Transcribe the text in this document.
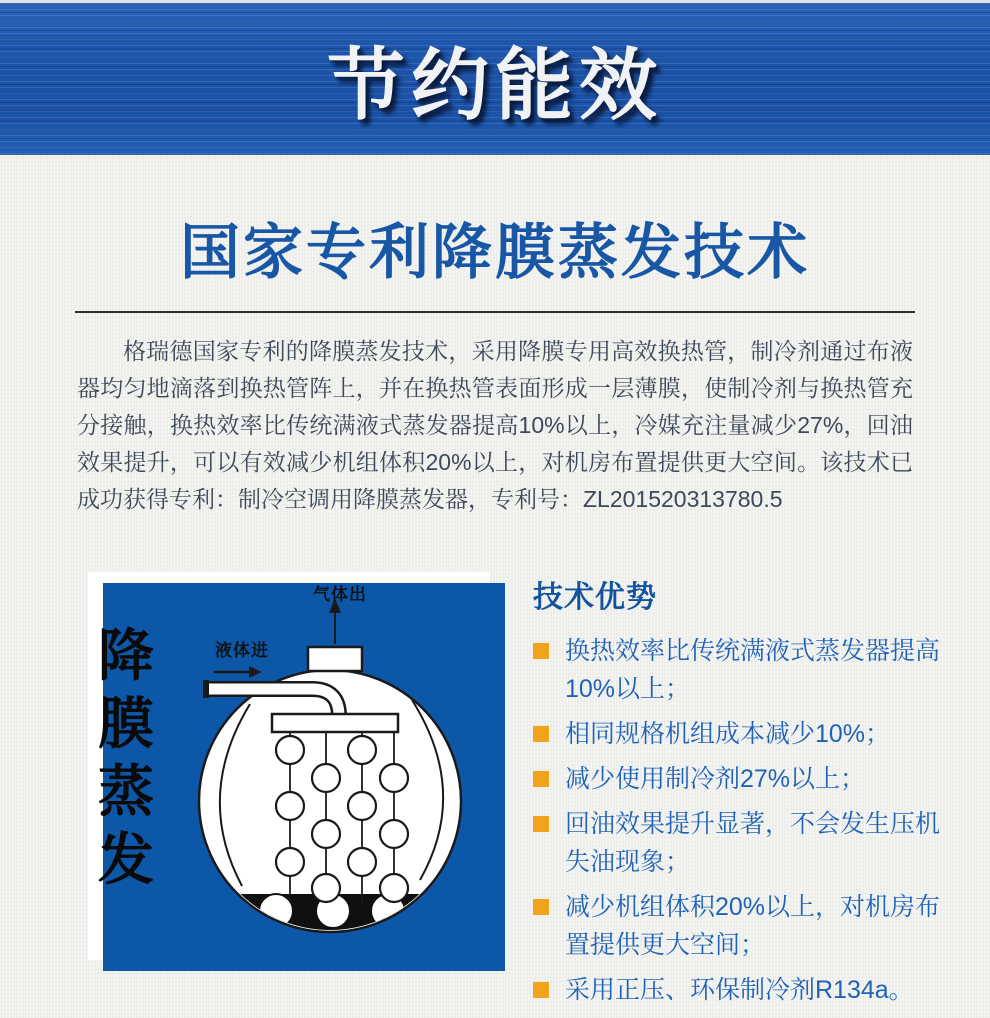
节约能效
国家专利降膜蒸发技术

格瑞德国家专利的降膜蒸发技术，采用降膜专用高效换热管，制冷剂通过布液器均匀地滴落到换热管阵上，并在换热管表面形成一层薄膜，使制冷剂与换热管充分接触，换热效率比传统满液式蒸发器提高10%以上，冷媒充注量减少27%，回油效果提升，可以有效减少机组体积20%以上，对机房布置提供更大空间。该技术已成功获得专利：制冷空调用降膜蒸发器，专利号：ZL201520313780.5

降膜蒸发
气体出
液体进
技术优势
换热效率比传统满液式蒸发器提高10%以上；
相同规格机组成本减少10%；
减少使用制冷剂27%以上；
回油效果提升显著，不会发生压机失油现象；
减少机组体积20%以上，对机房布置提供更大空间；
采用正压、环保制冷剂R134a。
